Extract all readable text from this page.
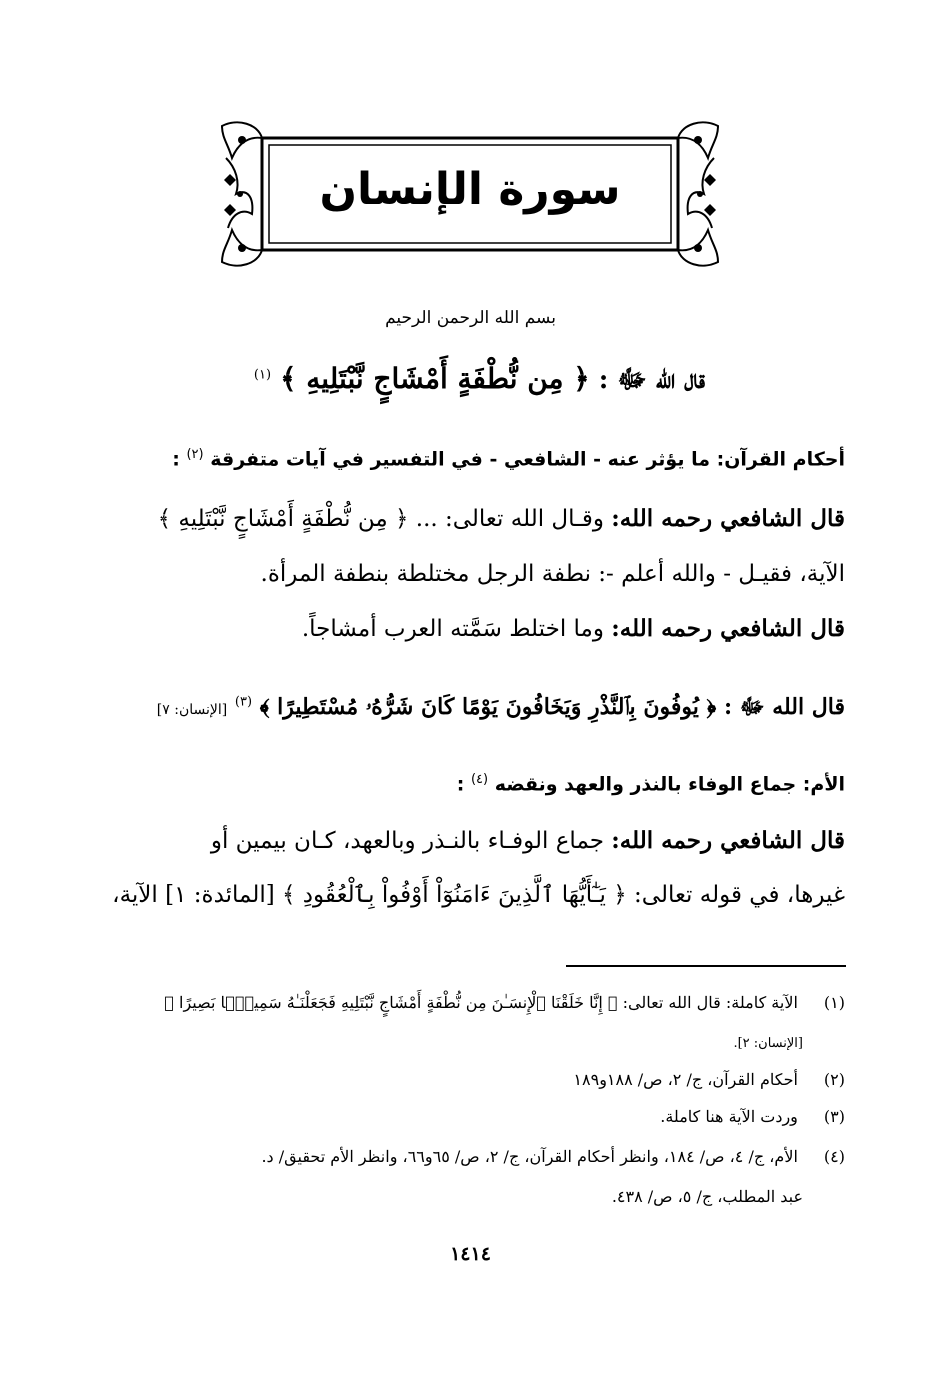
سورة الإنسان
بسم الله الرحمن الرحيم
قال الله ﷻ : ﴿ مِن نُّطْفَةٍ أَمْشَاجٍ نَّبْتَلِيهِ ﴾ $^{(١)}$
أحكام القرآن: ما يؤثر عنه - الشافعي - في التفسير في آيات متفرقة $^{(٢)}$ :
قال الشافعي رحمه الله: وقـال الله تعالى: ... ﴿ مِن نُّطْفَةٍ أَمْشَاجٍ نَّبْتَلِيهِ ﴾
الآية، فقيـل - والله أعلم -: نطفة الرجل مختلطة بنطفة المرأة.
قال الشافعي رحمه الله: وما اختلط سَمَّته العرب أمشاجاً.
قال الله ﷻ : ﴿ يُوفُونَ بِٱلنَّذْرِ وَيَخَافُونَ يَوْمًا كَانَ شَرُّهُۥ مُسْتَطِيرًا ﴾ $^{(٣)}$ [الإنسان: ٧]
الأم: جماع الوفاء بالنذر والعهد ونقضه $^{(٤)}$ :
قال الشافعي رحمه الله: جماع الوفـاء بالنـذر وبالعهد، كـان بيمين أو
غيرها، في قوله تعالى: ﴿ يَـٰٓأَيُّهَا ٱلَّذِينَ ءَامَنُوٓاْ أَوْفُواْ بِٱلْعُقُودِ ﴾ [المائدة: ١] الآية،
(١) الآية كاملة: قال الله تعالى: ﴿ إِنَّا خَلَقْنَا ٱلْإِنسَـٰنَ مِن نُّطْفَةٍ أَمْشَاجٍ نَّبْتَلِيهِ فَجَعَلْنَـٰهُ سَمِيعًۢا بَصِيرًا ﴾
[الإنسان: ٢].
(٢) أحكام القرآن، ج/ ٢، ص/ ١٨٨و١٨٩
(٣) وردت الآية هنا كاملة.
(٤) الأم، ج/ ٤، ص/ ١٨٤، وانظر أحكام القرآن، ج/ ٢، ص/ ٦٥و٦٦، وانظر الأم تحقيق/ د.
عبد المطلب، ج/ ٥، ص/ ٤٣٨.
١٤١٤
